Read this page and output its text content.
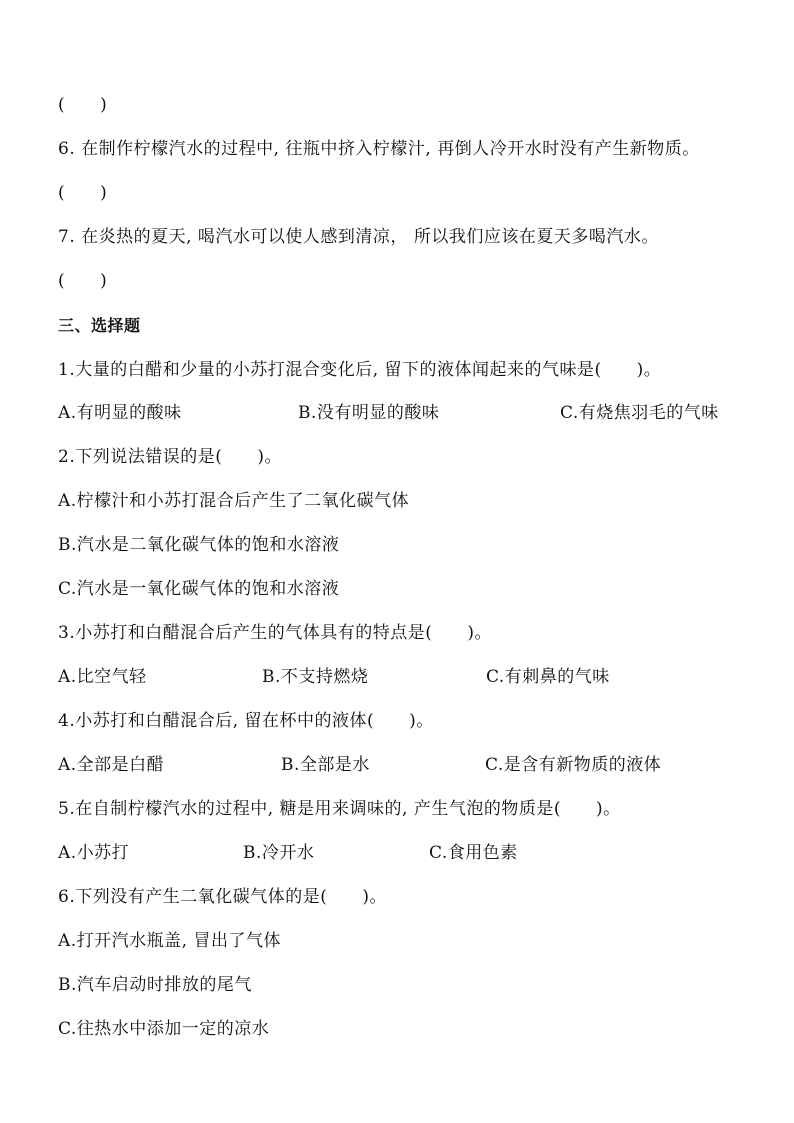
(　　)
6. 在制作柠檬汽水的过程中, 往瓶中挤入柠檬汁, 再倒人冷开水时没有产生新物质。
(　　)
7. 在炎热的夏天, 喝汽水可以使人感到清凉， 所以我们应该在夏天多喝汽水。
(　　)
三、选择题
1.大量的白醋和少量的小苏打混合变化后, 留下的液体闻起来的气味是(　　)。
A.有明显的酸味	B.没有明显的酸味	C.有烧焦羽毛的气味
2.下列说法错误的是(　　)。
A.柠檬汁和小苏打混合后产生了二氧化碳气体
B.汽水是二氧化碳气体的饱和水溶液
C.汽水是一氧化碳气体的饱和水溶液
3.小苏打和白醋混合后产生的气体具有的特点是(　　)。
A.比空气轻	B.不支持燃烧	C.有刺鼻的气味
4.小苏打和白醋混合后, 留在杯中的液体(　　)。
A.全部是白醋	B.全部是水	C.是含有新物质的液体
5.在自制柠檬汽水的过程中, 糖是用来调味的, 产生气泡的物质是(　　)。
A.小苏打	B.冷开水	C.食用色素
6.下列没有产生二氧化碳气体的是(　　)。
A.打开汽水瓶盖, 冒出了气体
B.汽车启动时排放的尾气
C.往热水中添加一定的凉水
